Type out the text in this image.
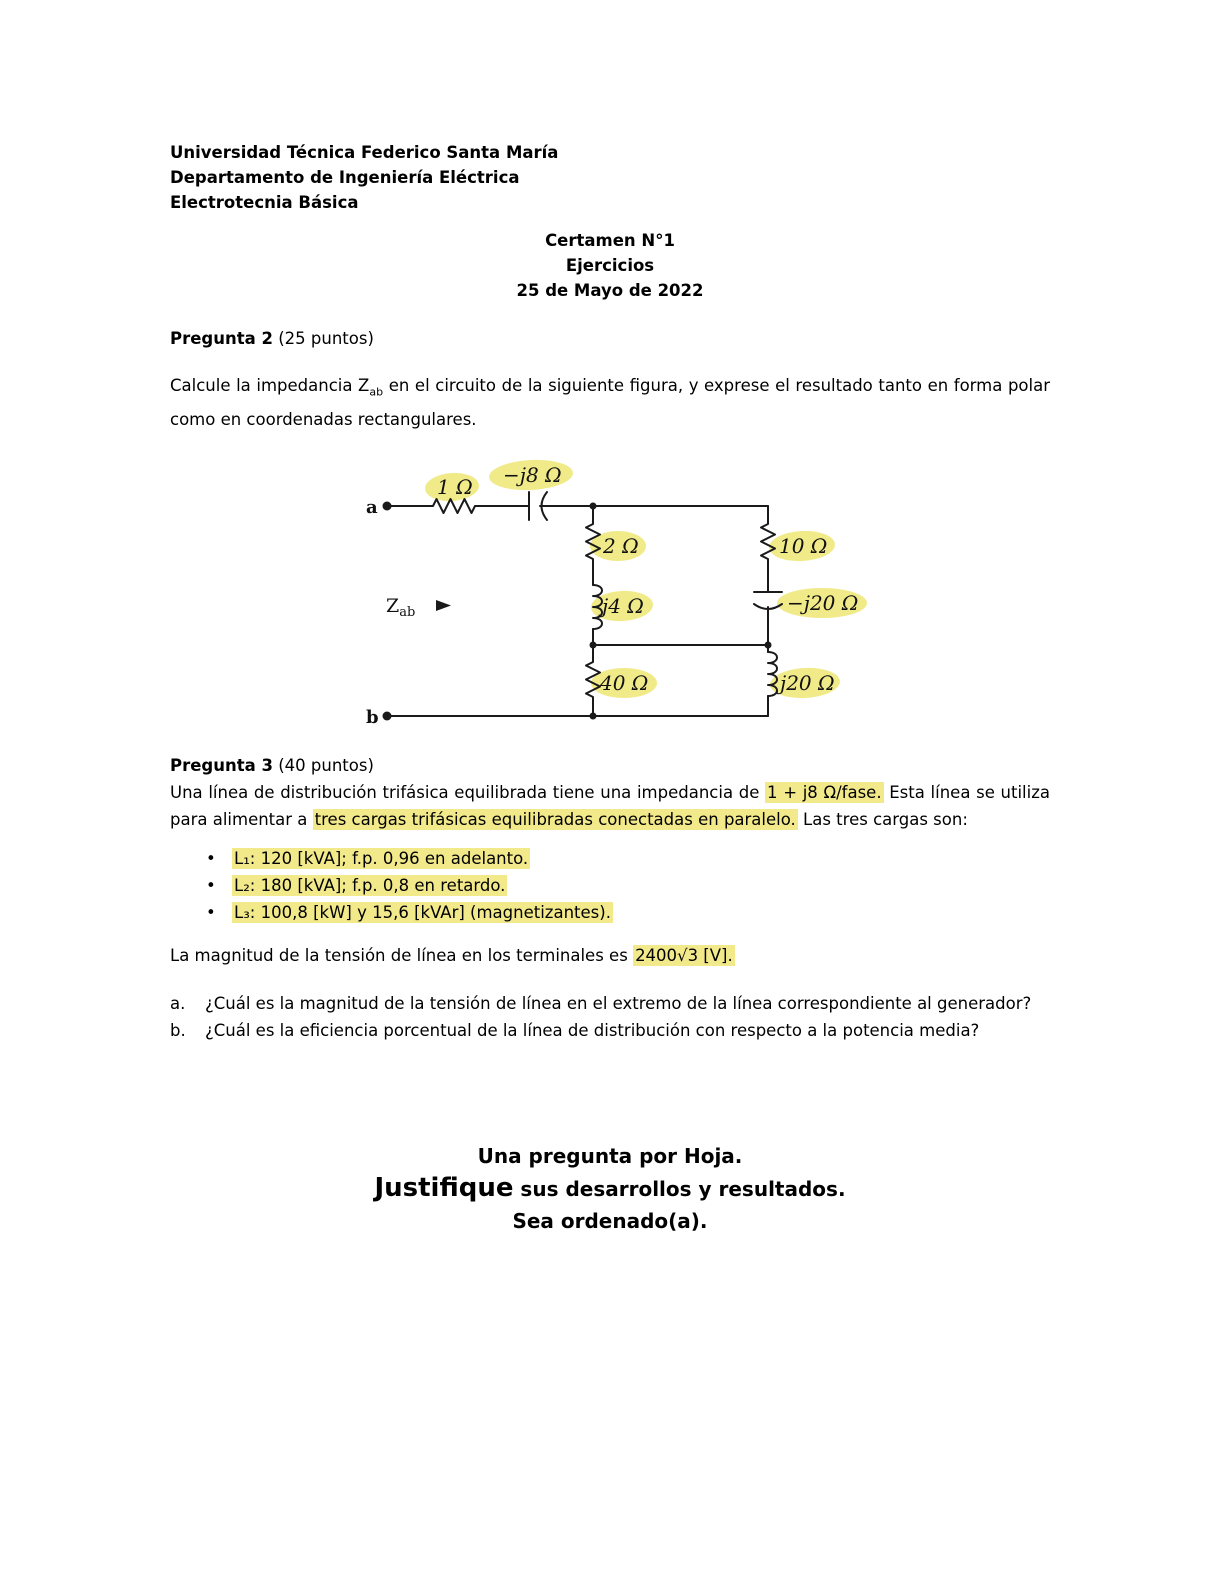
Universidad Técnica Federico Santa María
Departamento de Ingeniería Eléctrica
Electrotecnia Básica
Certamen N°1
Ejercicios
25 de Mayo de 2022
Pregunta 2 (25 puntos)
Calcule la impedancia $Z_{ab}$ en el circuito de la siguiente figura, y exprese el resultado tanto en forma polar como en coordenadas rectangulares.
a
b
$Z_{ab}$
1 Ω −j8 Ω
2 Ω
j4 Ω
40 Ω
10 Ω
−j20 Ω
j20 Ω
Pregunta 3 (40 puntos)

Una línea de distribución trifásica equilibrada tiene una impedancia de 1 + j8 Ω/fase. Esta línea se utiliza para alimentar a tres cargas trifásicas equilibradas conectadas en paralelo. Las tres cargas son:

• L₁: 120 [kVA]; f.p. 0,96 en adelanto.
• L₂: 180 [kVA]; f.p. 0,8 en retardo.
• L₃: 100,8 [kW] y 15,6 [kVAr] (magnetizantes).
La magnitud de la tensión de línea en los terminales es 2400√3 [V].
a. ¿Cuál es la magnitud de la tensión de línea en el extremo de la línea correspondiente al generador?
b. ¿Cuál es la eficiencia porcentual de la línea de distribución con respecto a la potencia media?
Una pregunta por Hoja.
Justifique sus desarrollos y resultados.
Sea ordenado(a).
